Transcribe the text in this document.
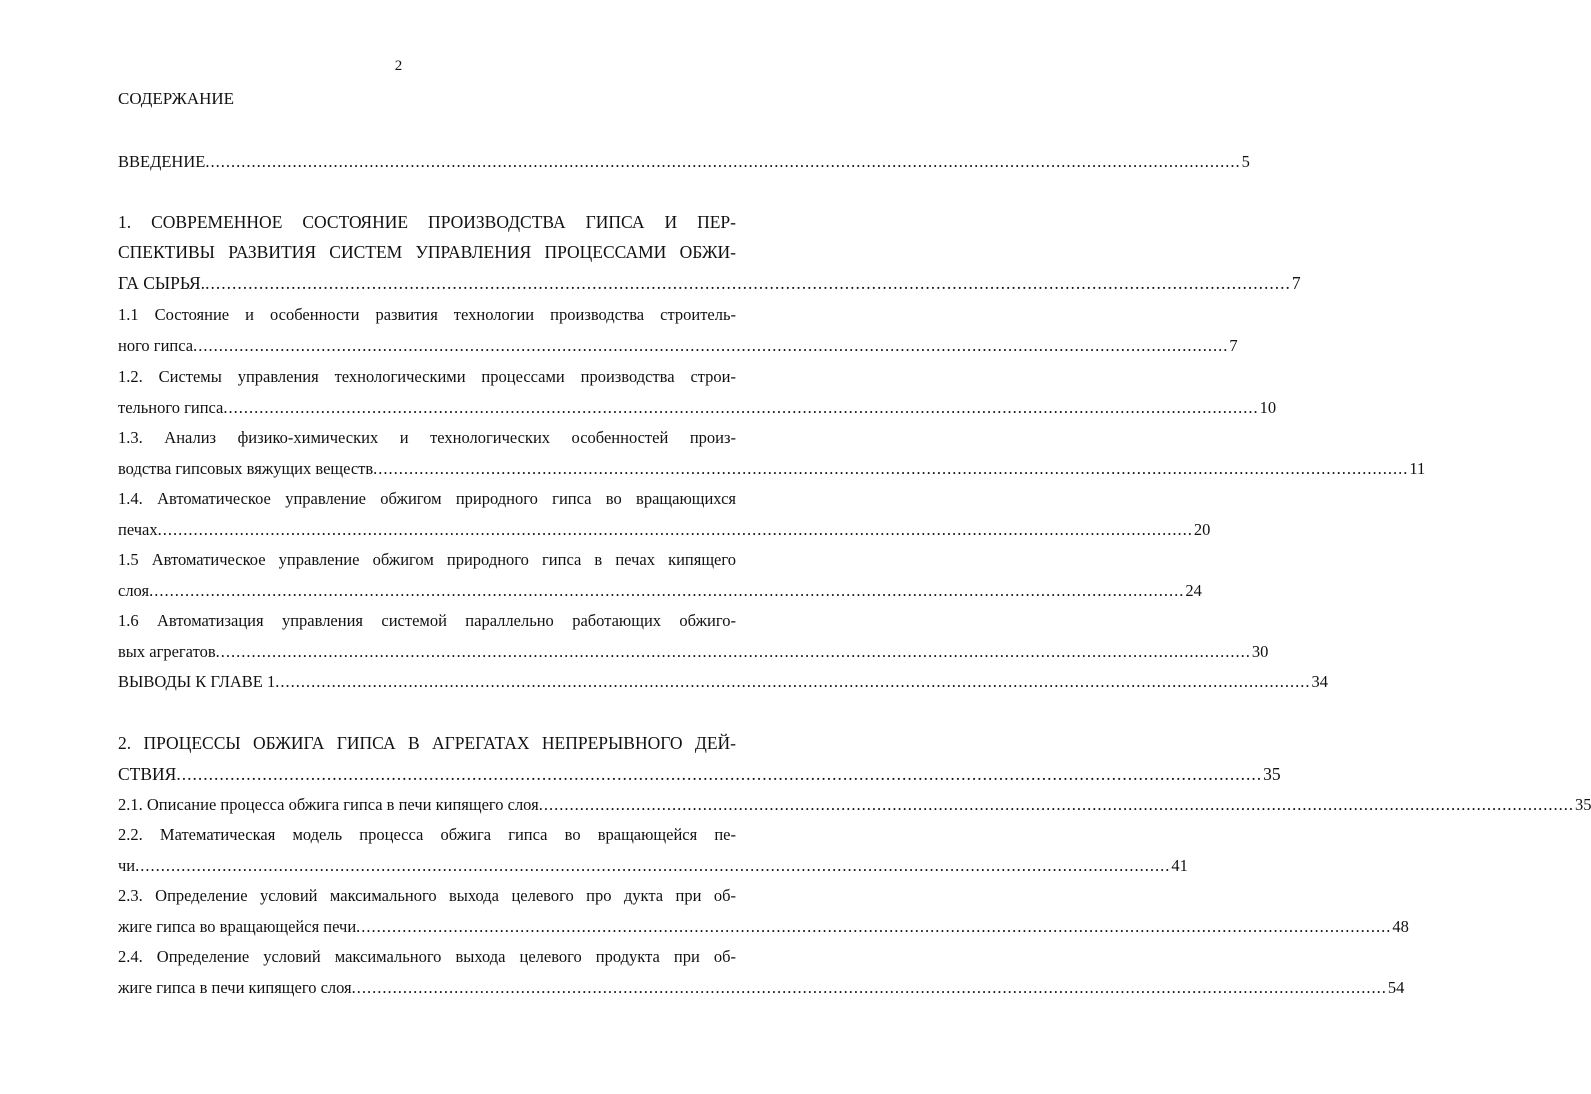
2
СОДЕРЖАНИЕ
ВВЕДЕНИЕ .......................................................................................................................................................................................................... 5
1. СОВРЕМЕННОЕ СОСТОЯНИЕ ПРОИЗВОДСТВА ГИПСА И ПЕР-
СПЕКТИВЫ РАЗВИТИЯ СИСТЕМ УПРАВЛЕНИЯ ПРОЦЕССАМИ ОБЖИ-
ГА СЫРЬЯ. .......................................................................................................................................................................................................... 7
1.1 Состояние и особенности развития технологии производства строитель-
ного гипса .......................................................................................................................................................................................................... 7
1.2. Системы управления технологическими процессами производства строи-
тельного гипса .......................................................................................................................................................................................................... 10
1.3. Анализ физико-химических и технологических особенностей произ-
водства гипсовых вяжущих веществ .......................................................................................................................................................................................................... 11
1.4. Автоматическое управление обжигом природного гипса во вращающихся
печах .......................................................................................................................................................................................................... 20
1.5 Автоматическое управление обжигом природного гипса в печах кипящего
слоя .......................................................................................................................................................................................................... 24
1.6 Автоматизация управления системой параллельно работающих обжиго-
вых агрегатов .......................................................................................................................................................................................................... 30
ВЫВОДЫ К ГЛАВЕ 1 .......................................................................................................................................................................................................... 34
2. ПРОЦЕССЫ ОБЖИГА ГИПСА В АГРЕГАТАХ НЕПРЕРЫВНОГО ДЕЙ-
СТВИЯ .......................................................................................................................................................................................................... 35
2.1. Описание процесса обжига гипса в печи кипящего слоя .......................................................................................................................................................................................................... 35
2.2. Математическая модель процесса обжига гипса во вращающейся пе-
чи .......................................................................................................................................................................................................... 41
2.3. Определение условий максимального выхода целевого про дукта при об-
жиге гипса во вращающейся печи .......................................................................................................................................................................................................... 48
2.4. Определение условий максимального выхода целевого продукта при об-
жиге гипса в печи кипящего слоя .......................................................................................................................................................................................................... 54
